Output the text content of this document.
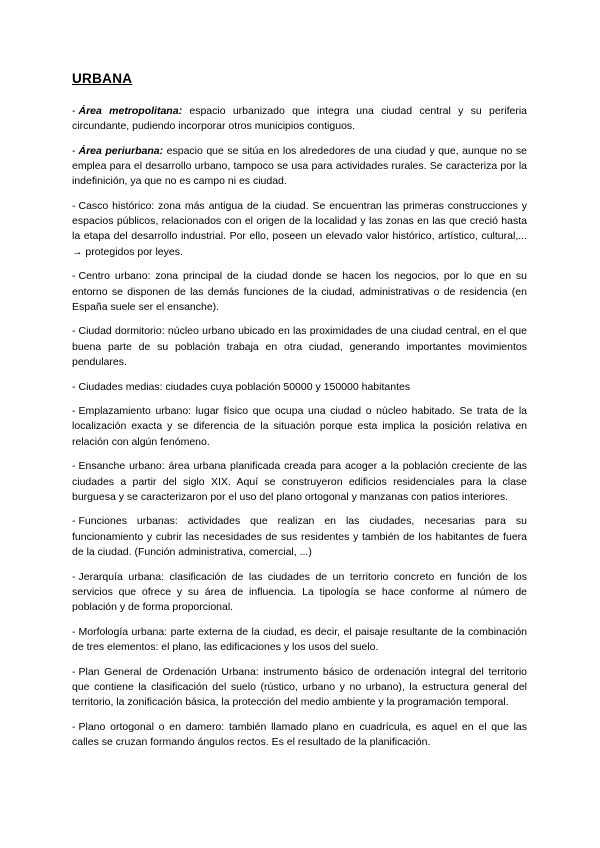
URBANA

- Área metropolitana: espacio urbanizado que integra una ciudad central y su periferia circundante, pudiendo incorporar otros municipios contiguos.

- Área periurbana: espacio que se sitúa en los alrededores de una ciudad y que, aunque no se emplea para el desarrollo urbano, tampoco se usa para actividades rurales. Se caracteriza por la indefinición, ya que no es campo ni es ciudad.

- Casco histórico: zona más antigua de la ciudad. Se encuentran las primeras construcciones y espacios públicos, relacionados con el origen de la localidad y las zonas en las que creció hasta la etapa del desarrollo industrial. Por ello, poseen un elevado valor histórico, artístico, cultural,... → protegidos por leyes.

- Centro urbano: zona principal de la ciudad donde se hacen los negocios, por lo que en su entorno se disponen de las demás funciones de la ciudad, administrativas o de residencia (en España suele ser el ensanche).

- Ciudad dormitorio: núcleo urbano ubicado en las proximidades de una ciudad central, en el que buena parte de su población trabaja en otra ciudad, generando importantes movimientos pendulares.

- Ciudades medias: ciudades cuya población 50000 y 150000 habitantes

- Emplazamiento urbano: lugar físico que ocupa una ciudad o núcleo habitado. Se trata de la localización exacta y se diferencia de la situación porque esta implica la posición relativa en relación con algún fenómeno.

- Ensanche urbano: área urbana planificada creada para acoger a la población creciente de las ciudades a partir del siglo XIX. Aquí se construyeron edificios residenciales para la clase burguesa y se caracterizaron por el uso del plano ortogonal y manzanas con patios interiores.

- Funciones urbanas: actividades que realizan en las ciudades, necesarias para su funcionamiento y cubrir las necesidades de sus residentes y también de los habitantes de fuera de la ciudad. (Función administrativa, comercial, ...)

- Jerarquía urbana: clasificación de las ciudades de un territorio concreto en función de los servicios que ofrece y su área de influencia. La tipología se hace conforme al número de población y de forma proporcional.

- Morfología urbana: parte externa de la ciudad, es decir, el paisaje resultante de la combinación de tres elementos: el plano, las edificaciones y los usos del suelo.

- Plan General de Ordenación Urbana: instrumento básico de ordenación integral del territorio que contiene la clasificación del suelo (rústico, urbano y no urbano), la estructura general del territorio, la zonificación básica, la protección del medio ambiente y la programación temporal.

- Plano ortogonal o en damero: también llamado plano en cuadrícula, es aquel en el que las calles se cruzan formando ángulos rectos. Es el resultado de la planificación.
